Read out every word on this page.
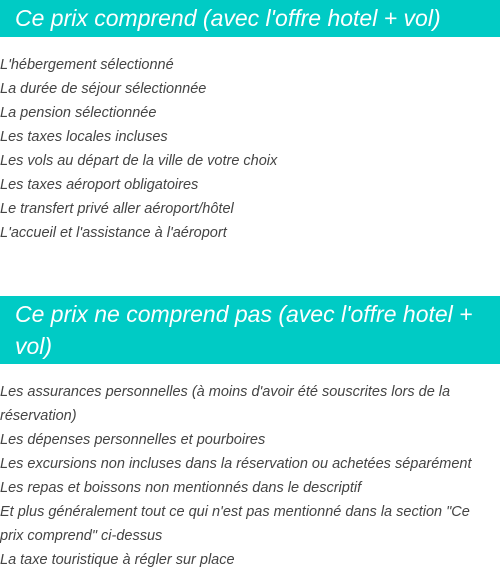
Ce prix comprend (avec l'offre hotel + vol)
L'hébergement sélectionné
La durée de séjour sélectionnée
La pension sélectionnée
Les taxes locales incluses
Les vols au départ de la ville de votre choix
Les taxes aéroport obligatoires
Le transfert privé aller aéroport/hôtel
L'accueil et l'assistance à l'aéroport
Ce prix ne comprend pas (avec l'offre hotel + vol)
Les assurances personnelles (à moins d'avoir été souscrites lors de la réservation)
Les dépenses personnelles et pourboires
Les excursions non incluses dans la réservation ou achetées séparément
Les repas et boissons non mentionnés dans le descriptif
Et plus généralement tout ce qui n'est pas mentionné dans la section "Ce prix comprend" ci-dessus
La taxe touristique à régler sur place
